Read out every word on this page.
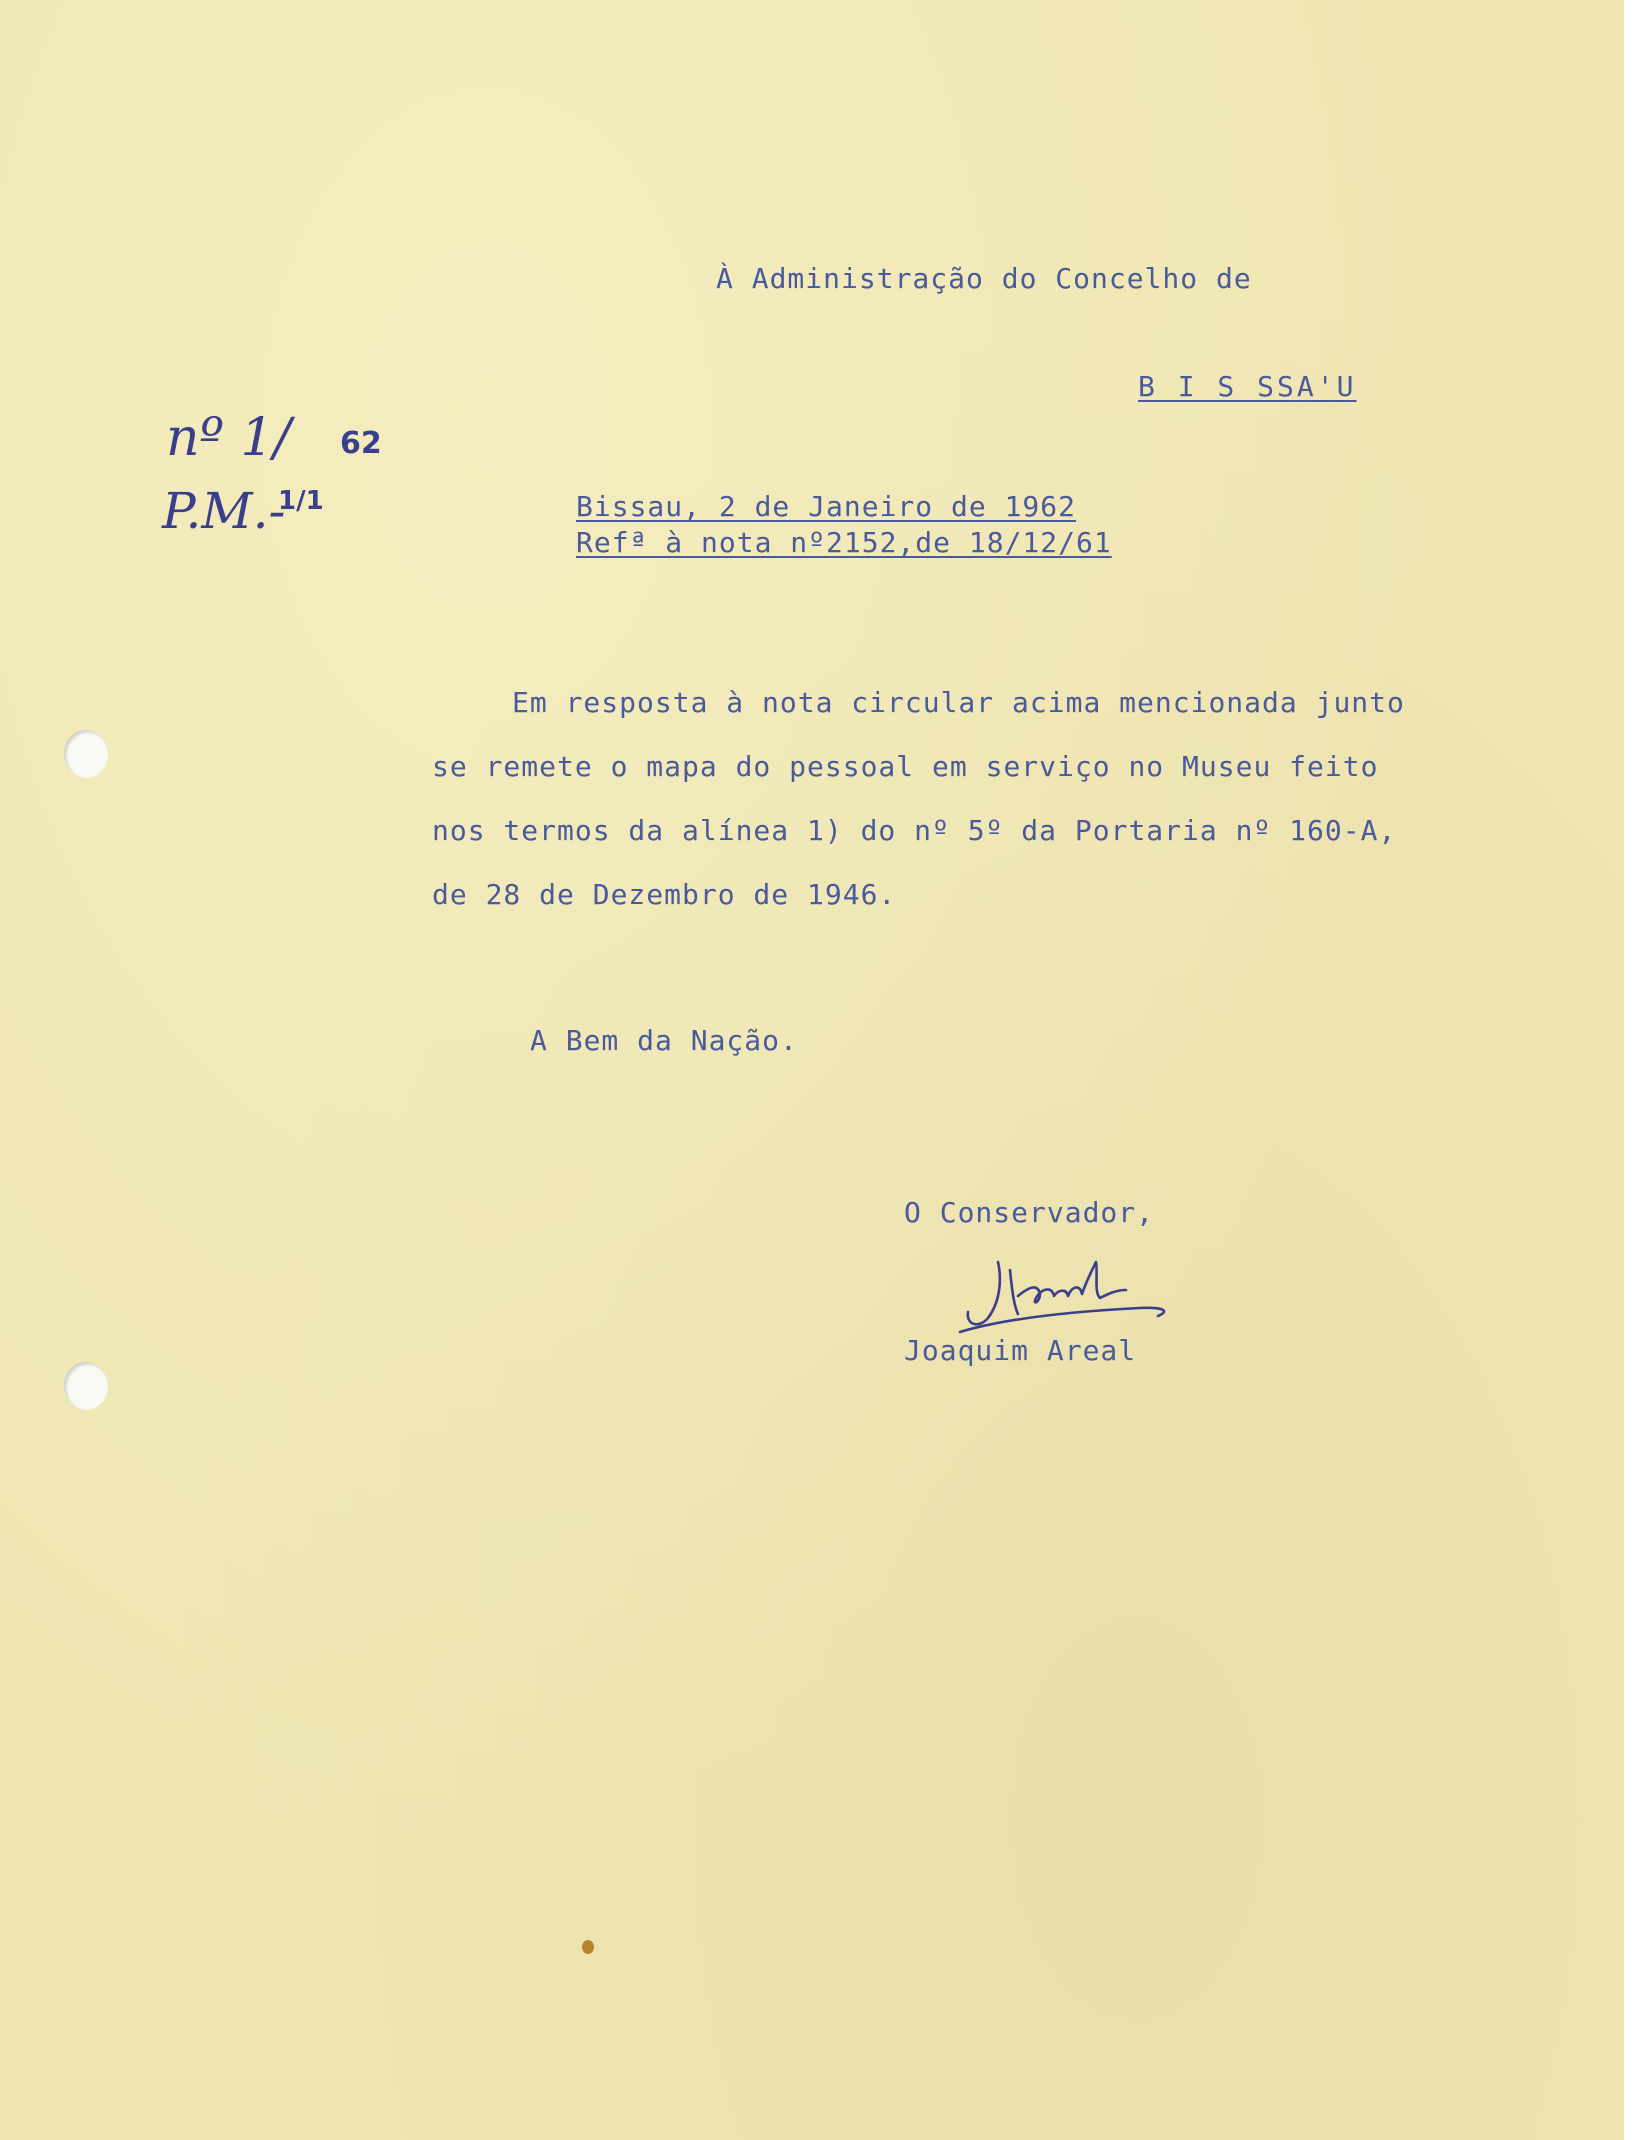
À Administração do Concelho de

B I S SSA'U

nº 1/ 62

P.M.-

1/1	Bissau, 2 de Janeiro de 1962

Refª à nota nº2152,de 18/12/61

Em resposta à nota circular acima mencionada junto
se remete o mapa do pessoal em serviço no Museu feito
nos termos da alínea 1) do nº 5º da Portaria nº 160-A,
de 28 de Dezembro de 1946.

A Bem da Nação.

O Conservador,

Joaquim Areal
